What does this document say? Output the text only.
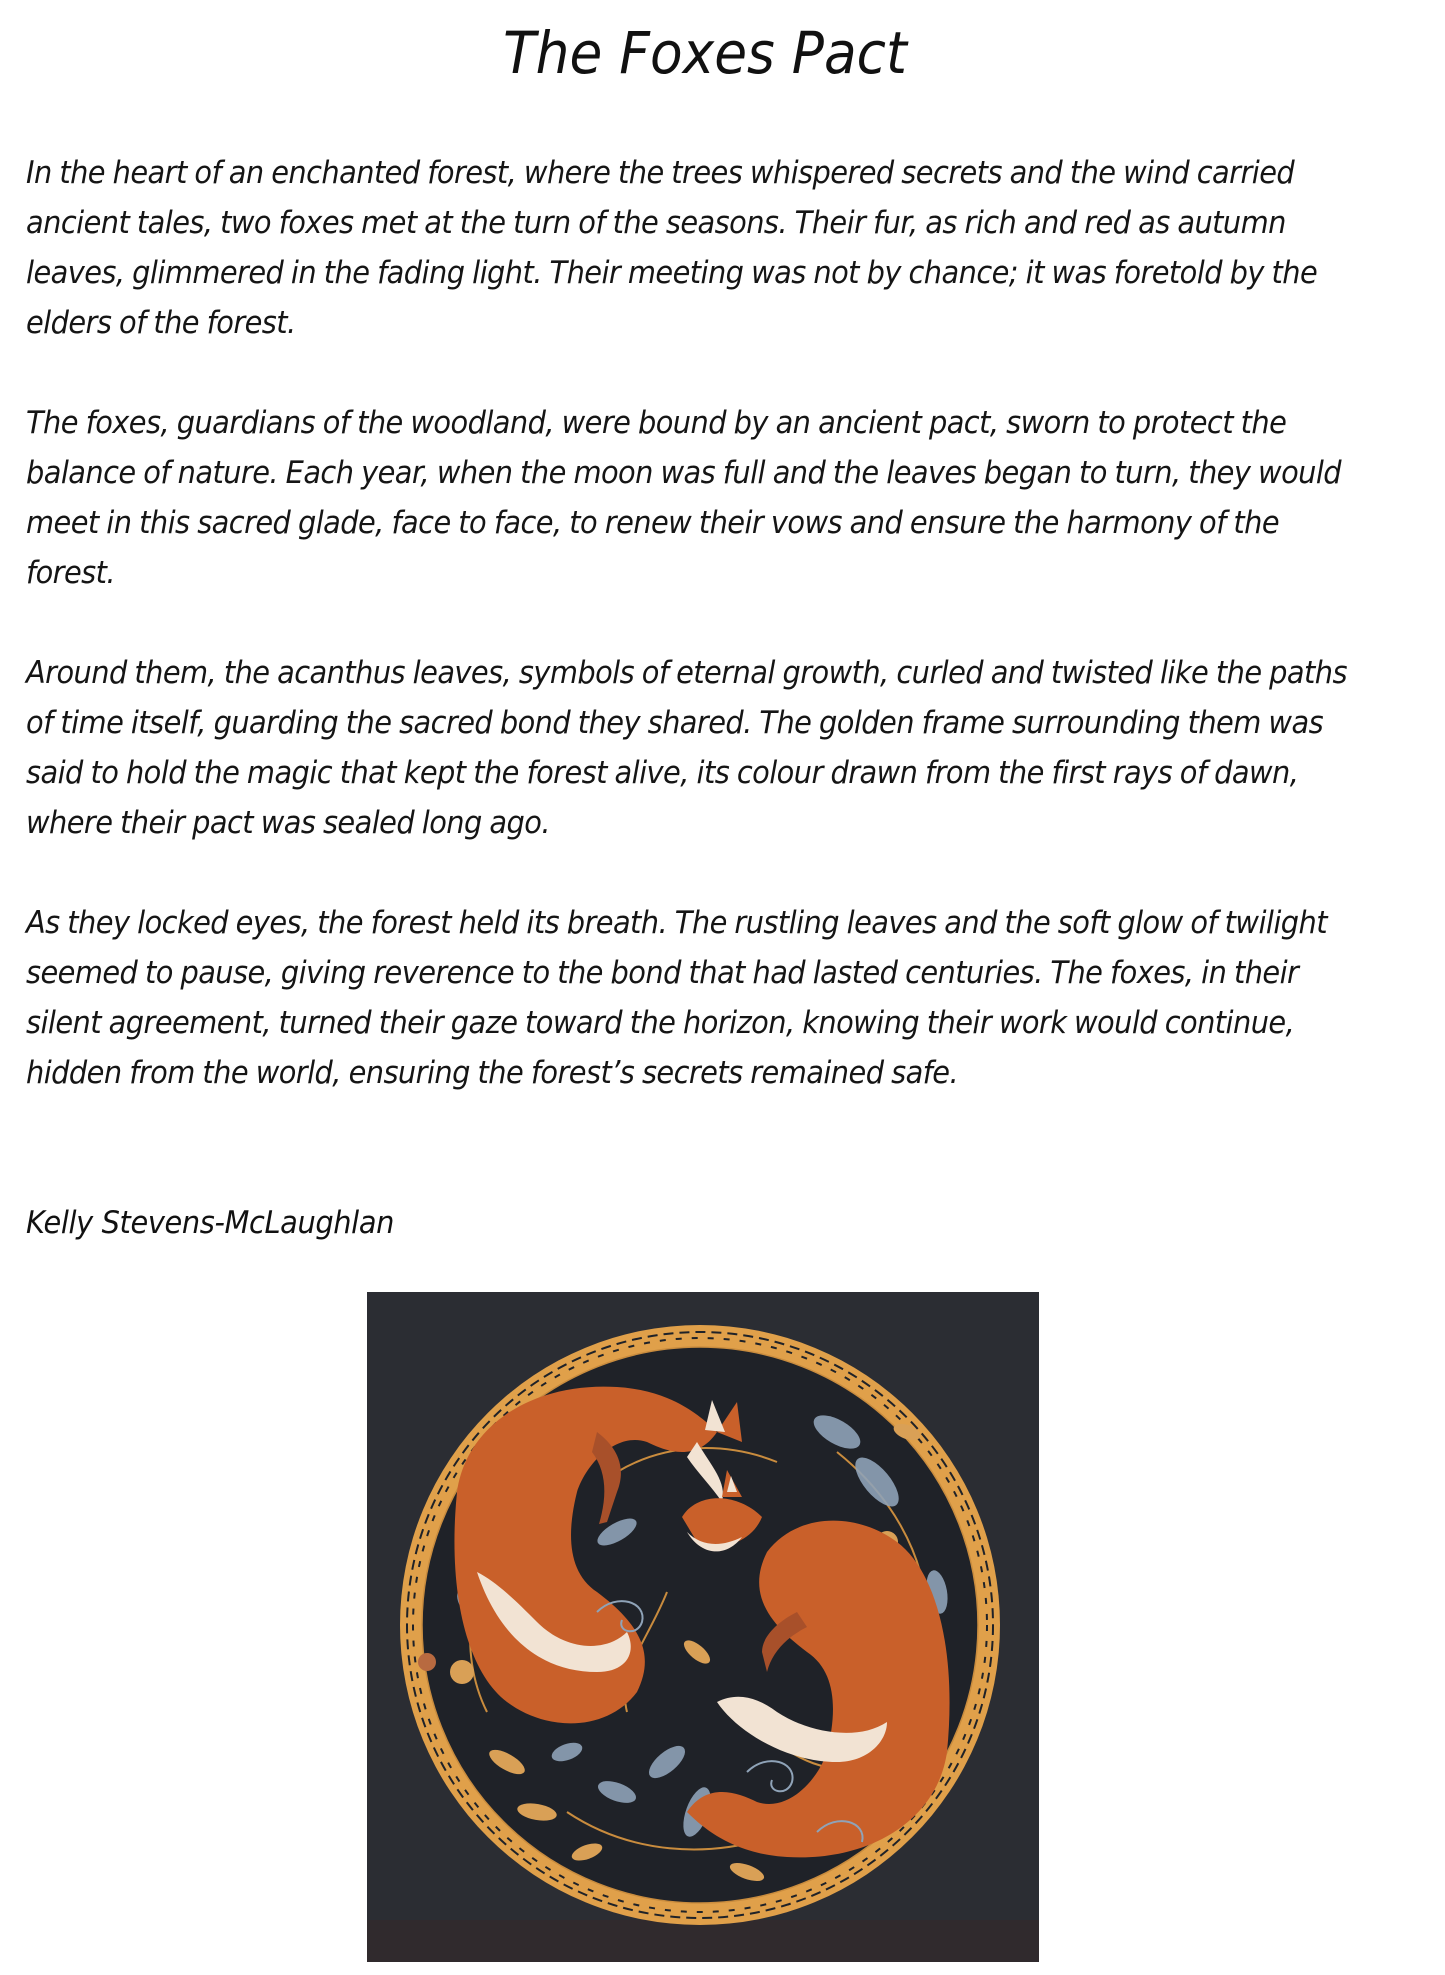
The Foxes Pact
In the heart of an enchanted forest, where the trees whispered secrets and the wind carried
ancient tales, two foxes met at the turn of the seasons. Their fur, as rich and red as autumn
leaves, glimmered in the fading light. Their meeting was not by chance; it was foretold by the
elders of the forest.
The foxes, guardians of the woodland, were bound by an ancient pact, sworn to protect the
balance of nature. Each year, when the moon was full and the leaves began to turn, they would
meet in this sacred glade, face to face, to renew their vows and ensure the harmony of the
forest.
Around them, the acanthus leaves, symbols of eternal growth, curled and twisted like the paths
of time itself, guarding the sacred bond they shared. The golden frame surrounding them was
said to hold the magic that kept the forest alive, its colour drawn from the first rays of dawn,
where their pact was sealed long ago.
As they locked eyes, the forest held its breath. The rustling leaves and the soft glow of twilight
seemed to pause, giving reverence to the bond that had lasted centuries. The foxes, in their
silent agreement, turned their gaze toward the horizon, knowing their work would continue,
hidden from the world, ensuring the forest’s secrets remained safe.
Kelly Stevens-McLaughlan
